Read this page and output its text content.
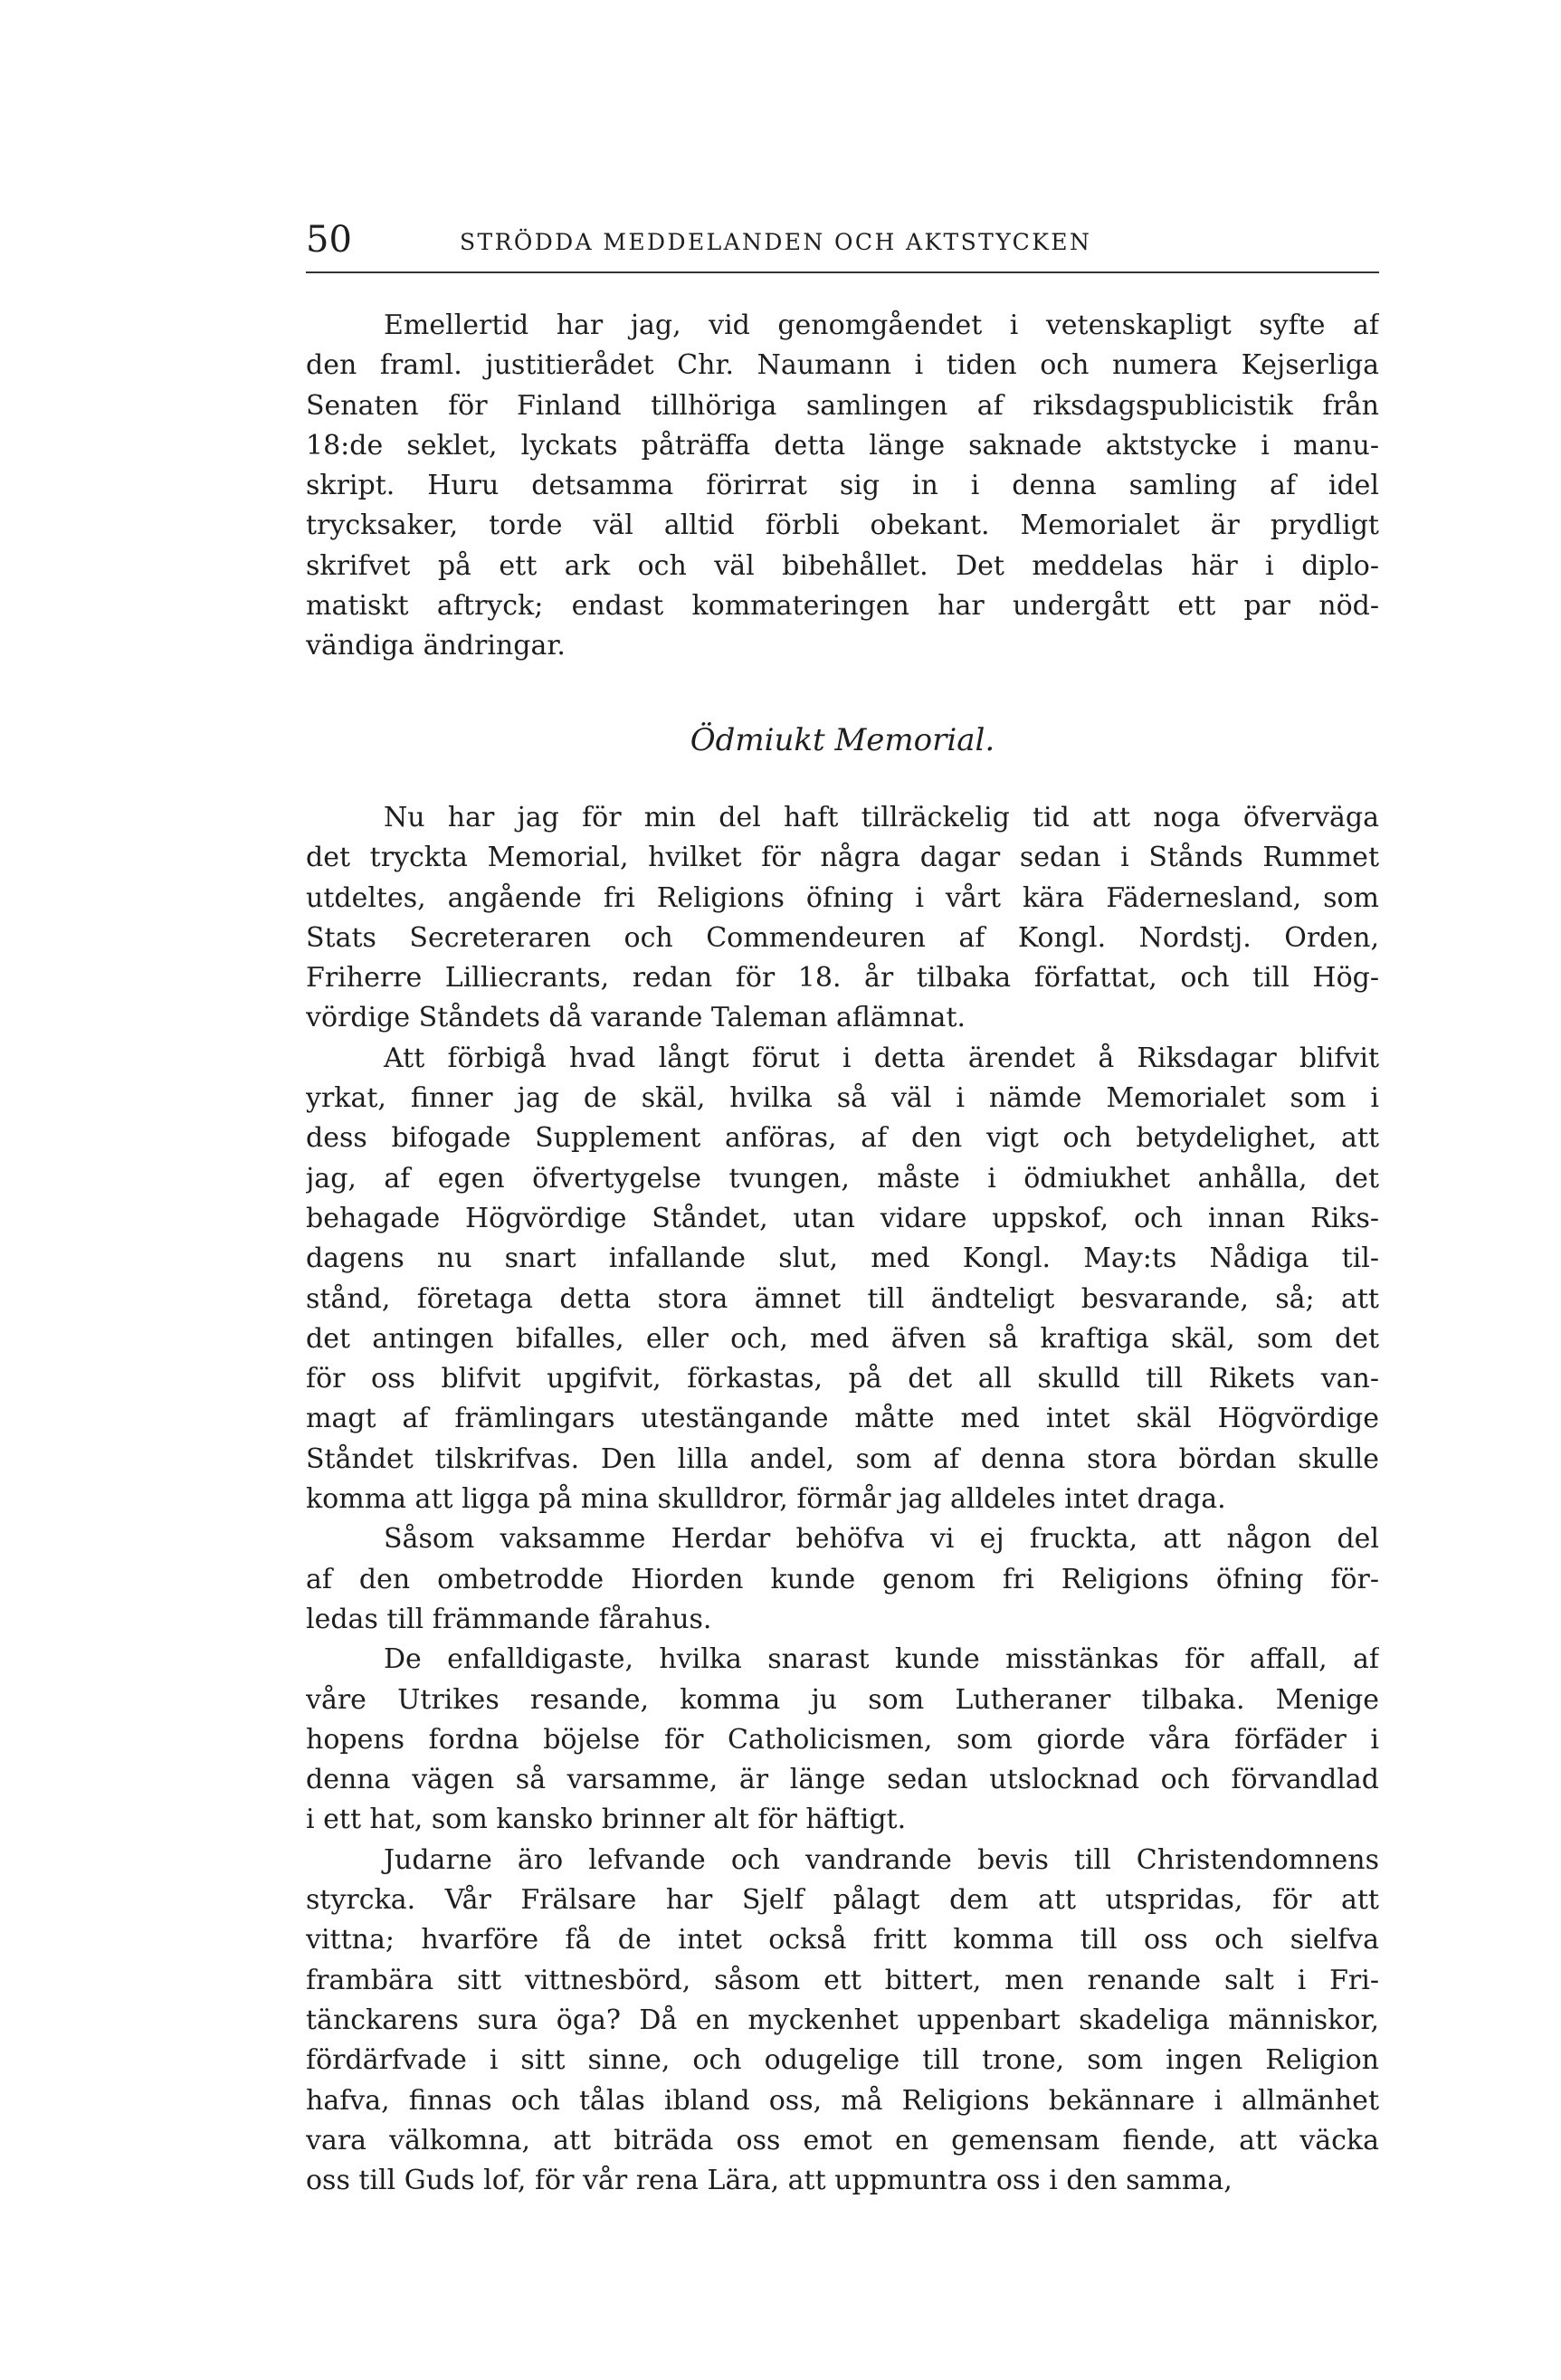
50	STRÖDDA MEDDELANDEN OCH AKTSTYCKEN
Emellertid har jag, vid genomgåendet i vetenskapligt syfte af
den framl. justitierådet Chr. Naumann i tiden och numera Kejserliga
Senaten för Finland tillhöriga samlingen af riksdagspublicistik från
18:de seklet, lyckats påträffa detta länge saknade aktstycke i manu-
skript. Huru detsamma förirrat sig in i denna samling af idel
trycksaker, torde väl alltid förbli obekant. Memorialet är prydligt
skrifvet på ett ark och väl bibehållet. Det meddelas här i diplo-
matiskt aftryck; endast kommateringen har undergått ett par nöd-
vändiga ändringar.
Ödmiukt Memorial.
Nu har jag för min del haft tillräckelig tid att noga öfverväga
det tryckta Memorial, hvilket för några dagar sedan i Stånds Rummet
utdeltes, angående fri Religions öfning i vårt kära Fäderneslаnd, som
Stats Secreteraren och Commendeuren af Kongl. Nordstj. Orden,
Friherre Lilliecrants, redan för 18. år tilbaka författat, och till Hög-
vördige Ståndets då varande Taleman aflämnat.
Att förbigå hvad långt förut i detta ärendet å Riksdagar blifvit
yrkat, finner jag de skäl, hvilka så väl i nämde Memorialet som i
dess bifogade Supplement anföras, af den vigt och betydelighet, att
jag, af egen öfvertygelse tvungen, måste i ödmiukhet anhålla, det
behagade Högvördige Ståndet, utan vidare uppskof, och innan Riks-
dagens nu snart infallande slut, med Kongl. May:ts Nådiga til-
stånd, företaga detta stora ämnet till ändteligt besvarande, så; att
det antingen bifalles, eller och, med äfven så kraftiga skäl, som det
för oss blifvit upgifvit, förkastas, på det all skulld till Rikets van-
magt af främlingars utestängande måtte med intet skäl Högvördige
Ståndet tilskrifvas. Den lilla andel, som af denna stora bördan skulle
komma att ligga på mina skulldror, förmår jag alldeles intet draga.
Såsom vaksamme Herdar behöfva vi ej fruckta, att någon del
af den ombetrodde Hiorden kunde genom fri Religions öfning för-
ledas till främmande fårahus.
De enfalldigaste, hvilka snarast kunde misstänkas för affall, af
våre Utrikes resande, komma ju som Lutheraner tilbaka. Menige
hopens fordna böjelse för Catholicismen, som giorde våra förfäder i
denna vägen så varsamme, är länge sedan utslocknad och förvandlad
i ett hat, som kansko brinner alt för häftigt.
Judarne äro lefvande och vandrande bevis till Christendomnens
styrcka. Vår Frälsare har Sjelf pålagt dem att utspridas, för att
vittna; hvarföre få de intet också fritt komma till oss och sielfva
frambära sitt vittnesbörd, såsom ett bittert, men renande salt i Fri-
tänckarens sura öga? Då en myckenhet uppenbart skadeliga människor,
fördärfvade i sitt sinne, och odugelige till trone, som ingen Religion
hafva, finnas och tålas ibland oss, må Religions bekännare i allmänhet
vara välkomna, att biträda oss emot en gemensam fiende, att väcka
oss till Guds lof, för vår rena Lära, att uppmuntra oss i den samma,
